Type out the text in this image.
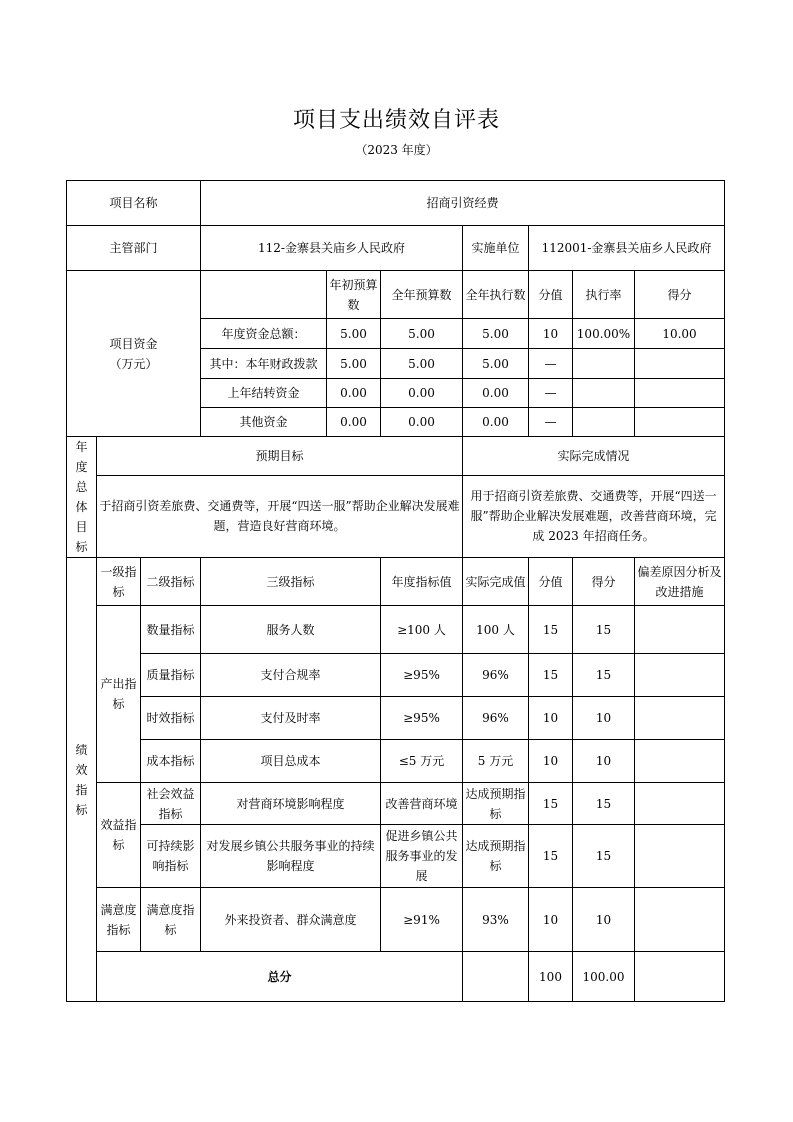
项目支出绩效自评表
（2023 年度）
项目名称			招商引资经费						
主管部门			112-金寨县关庙乡人民政府			实施单位	112001-金寨县关庙乡人民政府		

项目资金
（万元）				年初预算数	全年预算数	全年执行数	分值	执行率	得分
			年度资金总额：	5.00	5.00	5.00	10	100.00%	10.00
			其中：本年财政拨款	5.00	5.00	5.00	—		
			上年结转资金	0.00	0.00	0.00	—		
			其他资金	0.00	0.00	0.00	—		
年度总体目标	预期目标					实际完成情况			
	于招商引资差旅费、交通费等，开展“四送一服”帮助企业解决发展难题，营造良好营商环境。					用于招商引资差旅费、交通费等，开展“四送一服”帮助企业解决发展难题，改善营商环境，完成 2023 年招商任务。			
绩效指标	一级指标	二级指标	三级指标		年度指标值	实际完成值	分值	得分	偏差原因分析及改进措施
	产出指标	数量指标	服务人数		≥100 人	100 人	15	15	
		质量指标	支付合规率		≥95%	96%	15	15	
		时效指标	支付及时率		≥95%	96%	10	10	
		成本指标	项目总成本		≤5 万元	5 万元	10	10	
	效益指标	社会效益指标	对营商环境影响程度		改善营商环境	达成预期指标	15	15	
		可持续影响指标	对发展乡镇公共服务事业的持续影响程度		促进乡镇公共服务事业的发展	达成预期指标	15	15	
	满意度指标	满意度指标	外来投资者、群众满意度		≥91%	93%	10	10	
	总分						100	100.00	
